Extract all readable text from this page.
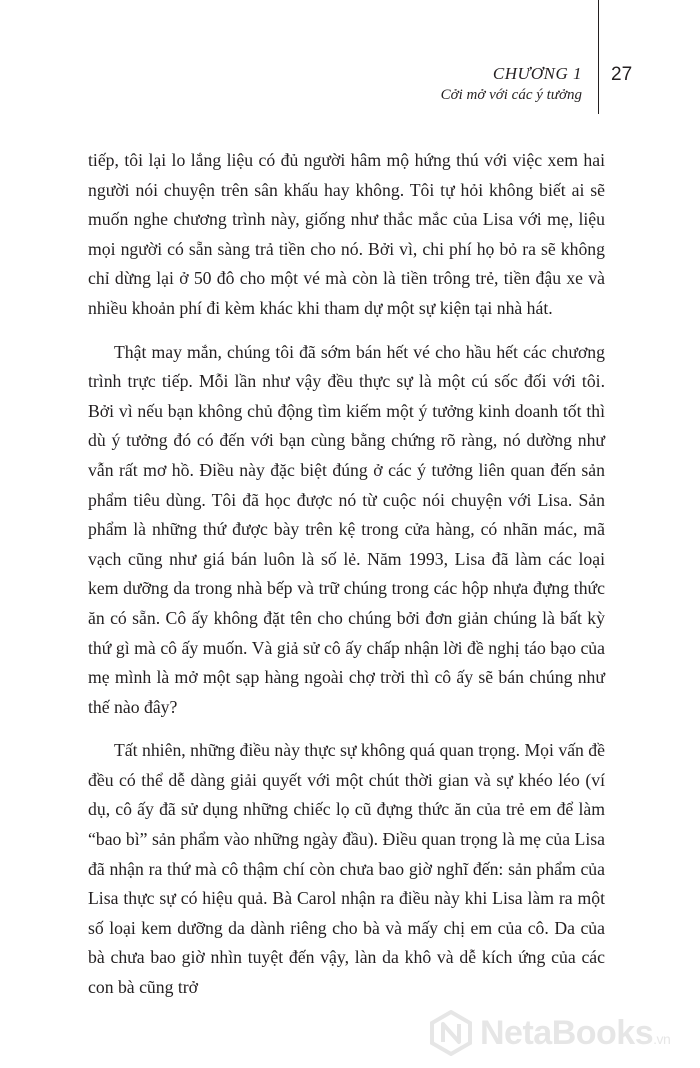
CHƯƠNG 1
Cởi mở với các ý tưởng
27

tiếp, tôi lại lo lắng liệu có đủ người hâm mộ hứng thú với việc xem hai người nói chuyện trên sân khấu hay không. Tôi tự hỏi không biết ai sẽ muốn nghe chương trình này, giống như thắc mắc của Lisa với mẹ, liệu mọi người có sẵn sàng trả tiền cho nó. Bởi vì, chi phí họ bỏ ra sẽ không chỉ dừng lại ở 50 đô cho một vé mà còn là tiền trông trẻ, tiền đậu xe và nhiều khoản phí đi kèm khác khi tham dự một sự kiện tại nhà hát.

Thật may mắn, chúng tôi đã sớm bán hết vé cho hầu hết các chương trình trực tiếp. Mỗi lần như vậy đều thực sự là một cú sốc đối với tôi. Bởi vì nếu bạn không chủ động tìm kiếm một ý tưởng kinh doanh tốt thì dù ý tưởng đó có đến với bạn cùng bằng chứng rõ ràng, nó dường như vẫn rất mơ hồ. Điều này đặc biệt đúng ở các ý tưởng liên quan đến sản phẩm tiêu dùng. Tôi đã học được nó từ cuộc nói chuyện với Lisa. Sản phẩm là những thứ được bày trên kệ trong cửa hàng, có nhãn mác, mã vạch cũng như giá bán luôn là số lẻ. Năm 1993, Lisa đã làm các loại kem dưỡng da trong nhà bếp và trữ chúng trong các hộp nhựa đựng thức ăn có sẵn. Cô ấy không đặt tên cho chúng bởi đơn giản chúng là bất kỳ thứ gì mà cô ấy muốn. Và giả sử cô ấy chấp nhận lời đề nghị táo bạo của mẹ mình là mở một sạp hàng ngoài chợ trời thì cô ấy sẽ bán chúng như thế nào đây?

Tất nhiên, những điều này thực sự không quá quan trọng. Mọi vấn đề đều có thể dễ dàng giải quyết với một chút thời gian và sự khéo léo (ví dụ, cô ấy đã sử dụng những chiếc lọ cũ đựng thức ăn của trẻ em để làm “bao bì” sản phẩm vào những ngày đầu). Điều quan trọng là mẹ của Lisa đã nhận ra thứ mà cô thậm chí còn chưa bao giờ nghĩ đến: sản phẩm của Lisa thực sự có hiệu quả. Bà Carol nhận ra điều này khi Lisa làm ra một số loại kem dưỡng da dành riêng cho bà và mấy chị em của cô. Da của bà chưa bao giờ nhìn tuyệt đến vậy, làn da khô và dễ kích ứng của các con bà cũng trở

NetaBooks.vn
